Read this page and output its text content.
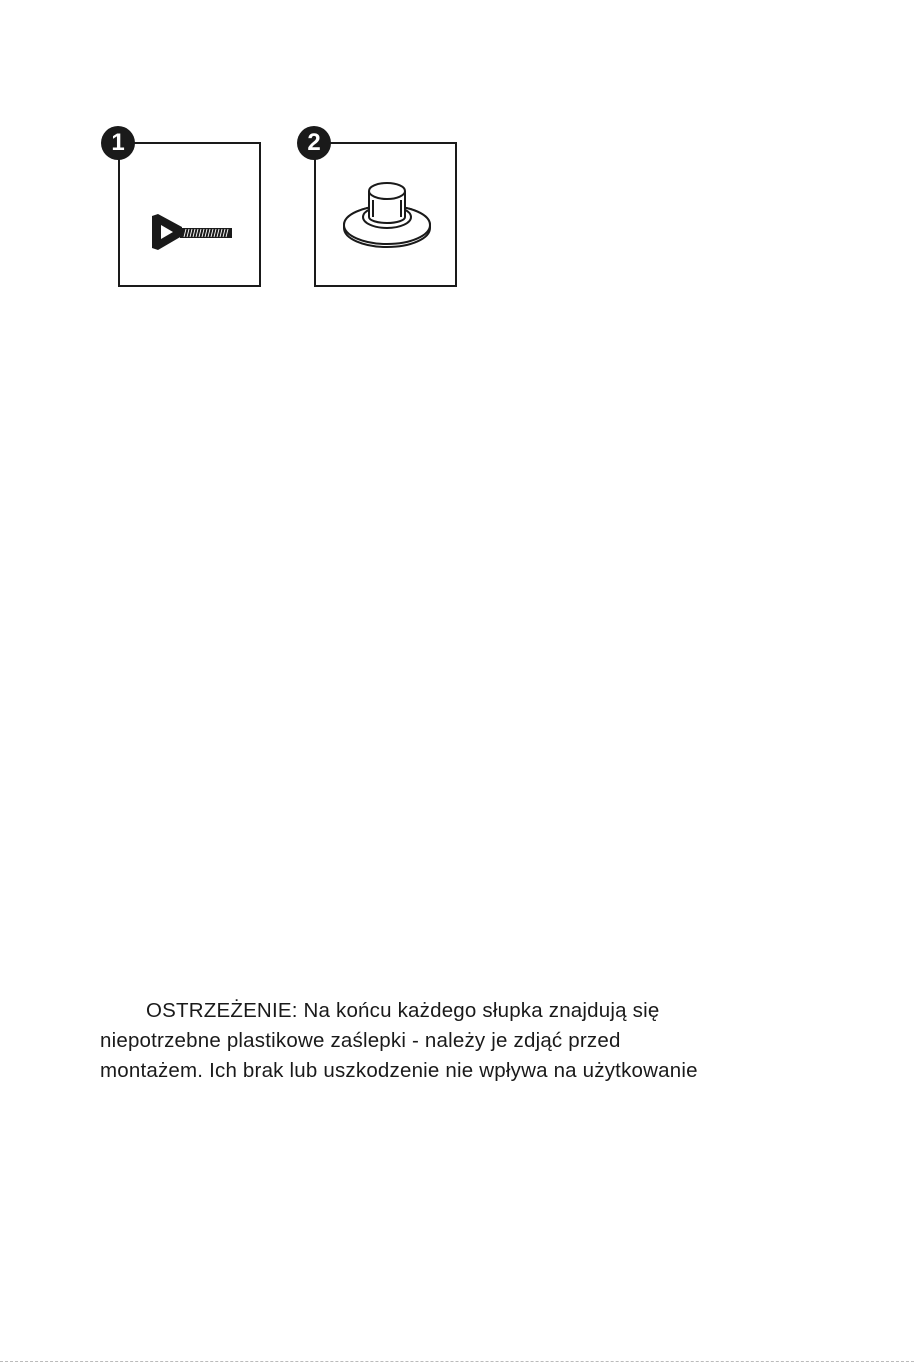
1	2
OSTRZEŻENIE: Na końcu każdego słupka znajdują się
niepotrzebne plastikowe zaślepki - należy je zdjąć przed
montażem. Ich brak lub uszkodzenie nie wpływa na użytkowanie
